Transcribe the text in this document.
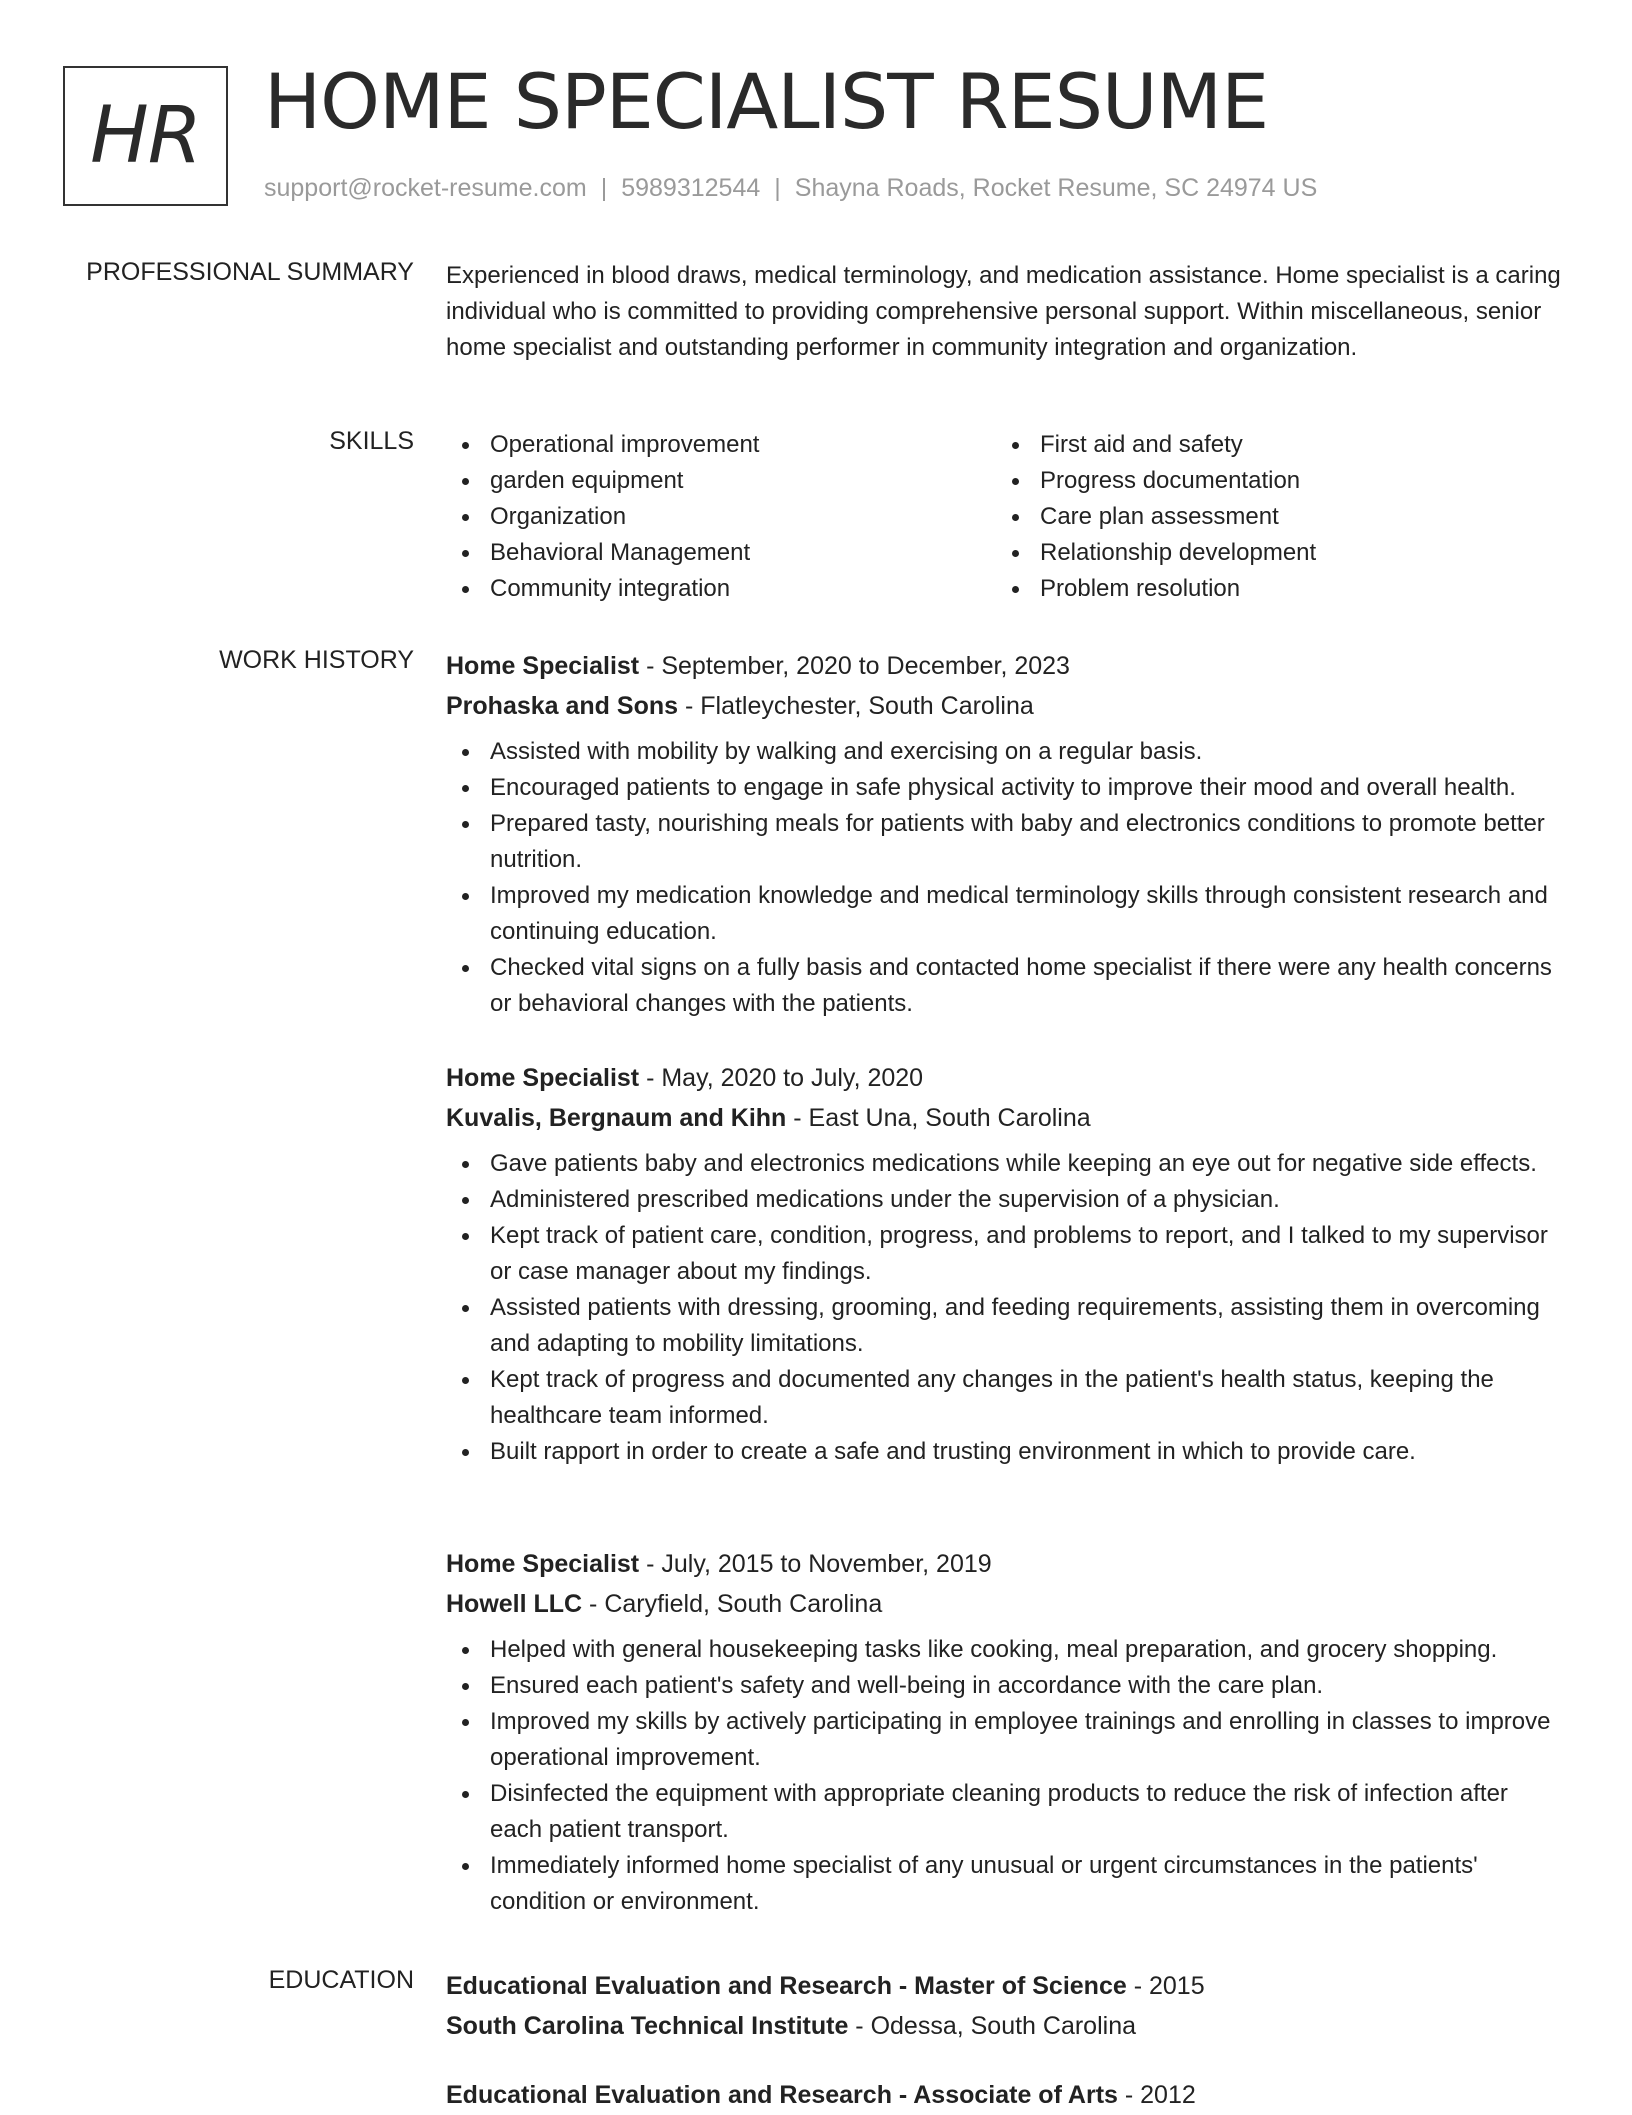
HR HOME SPECIALIST RESUME
support@rocket-resume.com | 5989312544 | Shayna Roads, Rocket Resume, SC 24974 US
PROFESSIONAL SUMMARY Experienced in blood draws, medical terminology, and medication assistance. Home specialist is a caring individual who is committed to providing comprehensive personal support. Within miscellaneous, senior home specialist and outstanding performer in community integration and organization.
SKILLS	Operational improvement
garden equipment
Organization
Behavioral Management
Community integration
First aid and safety
Progress documentation
Care plan assessment
Relationship development
Problem resolution
WORK HISTORY Home Specialist - September, 2020 to December, 2023
Prohaska and Sons - Flatleychester, South Carolina
Assisted with mobility by walking and exercising on a regular basis.
Encouraged patients to engage in safe physical activity to improve their mood and overall health.
Prepared tasty, nourishing meals for patients with baby and electronics conditions to promote better nutrition.
Improved my medication knowledge and medical terminology skills through consistent research and continuing education.
Checked vital signs on a fully basis and contacted home specialist if there were any health concerns or behavioral changes with the patients.
Home Specialist - May, 2020 to July, 2020
Kuvalis, Bergnaum and Kihn - East Una, South Carolina
Gave patients baby and electronics medications while keeping an eye out for negative side effects.
Administered prescribed medications under the supervision of a physician.
Kept track of patient care, condition, progress, and problems to report, and I talked to my supervisor or case manager about my findings.
Assisted patients with dressing, grooming, and feeding requirements, assisting them in overcoming and adapting to mobility limitations.
Kept track of progress and documented any changes in the patient's health status, keeping the healthcare team informed.
Built rapport in order to create a safe and trusting environment in which to provide care.
Home Specialist - July, 2015 to November, 2019
Howell LLC - Caryfield, South Carolina
Helped with general housekeeping tasks like cooking, meal preparation, and grocery shopping.
Ensured each patient's safety and well-being in accordance with the care plan.
Improved my skills by actively participating in employee trainings and enrolling in classes to improve operational improvement.
Disinfected the equipment with appropriate cleaning products to reduce the risk of infection after each patient transport.
Immediately informed home specialist of any unusual or urgent circumstances in the patients' condition or environment.
EDUCATION Educational Evaluation and Research - Master of Science - 2015
South Carolina Technical Institute - Odessa, South Carolina
Educational Evaluation and Research - Associate of Arts - 2012
